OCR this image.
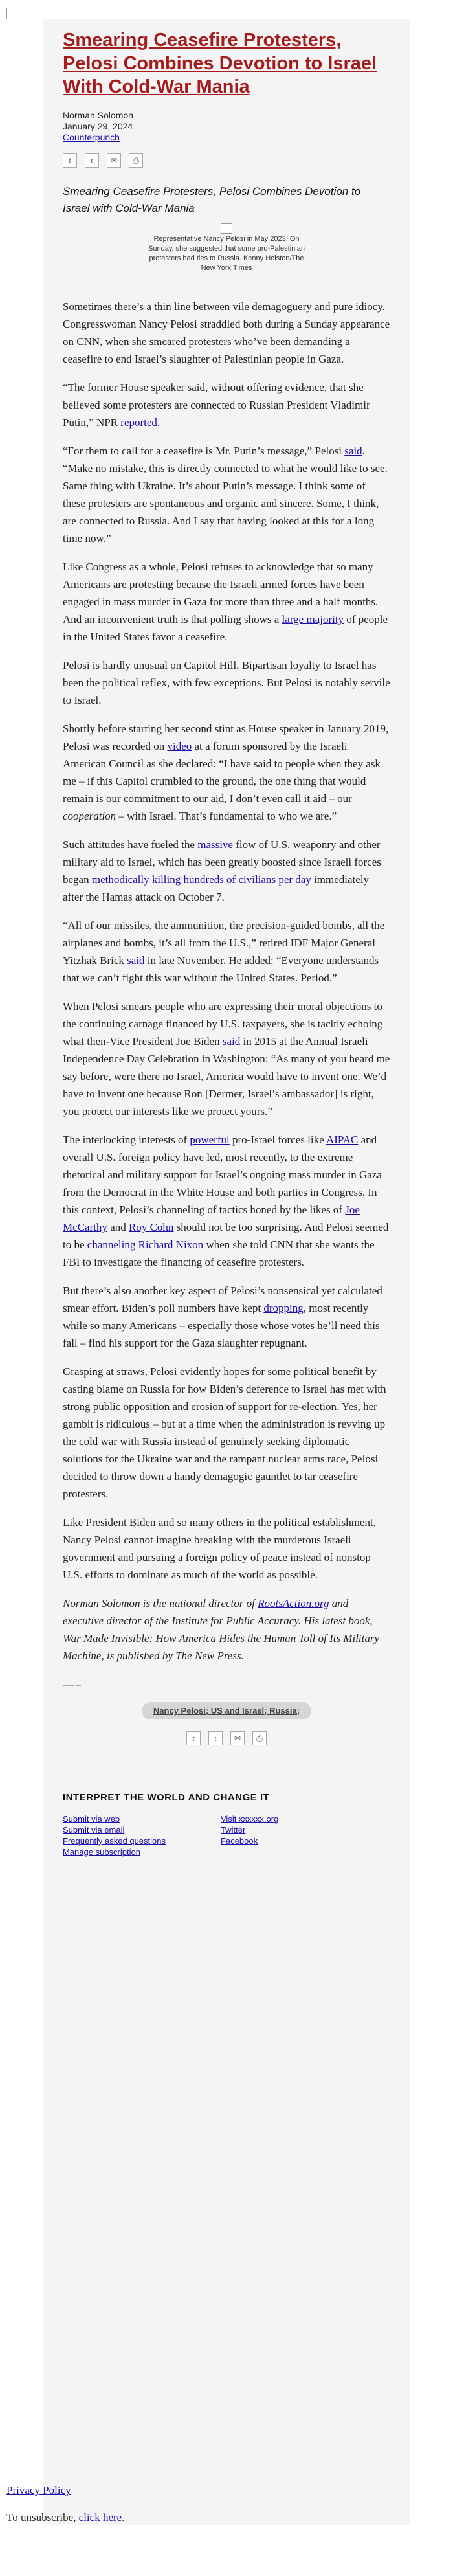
Smearing Ceasefire Protesters, Pelosi Combines Devotion to Israel With Cold-War Mania
Norman Solomon
January 29, 2024
Counterpunch
f	t	✉	⎙
Smearing Ceasefire Protesters, Pelosi Combines Devotion to Israel with Cold-War Mania
Representative Nancy Pelosi in May 2023. On Sunday, she suggested that some pro-Palestinian protesters had ties to Russia. Kenny Holston/The New York Times

Sometimes there’s a thin line between vile demagoguery and pure idiocy. Congresswoman Nancy Pelosi straddled both during a Sunday appearance on CNN, when she smeared protesters who’ve been demanding a ceasefire to end Israel’s slaughter of Palestinian people in Gaza.

“The former House speaker said, without offering evidence, that she believed some protesters are connected to Russian President Vladimir Putin,” NPR reported.

“For them to call for a ceasefire is Mr. Putin’s message,” Pelosi said. “Make no mistake, this is directly connected to what he would like to see. Same thing with Ukraine. It’s about Putin’s message. I think some of these protesters are spontaneous and organic and sincere. Some, I think, are connected to Russia. And I say that having looked at this for a long time now.”

Like Congress as a whole, Pelosi refuses to acknowledge that so many Americans are protesting because the Israeli armed forces have been engaged in mass murder in Gaza for more than three and a half months. And an inconvenient truth is that polling shows a large majority of people in the United States favor a ceasefire.

Pelosi is hardly unusual on Capitol Hill. Bipartisan loyalty to Israel has been the political reflex, with few exceptions. But Pelosi is notably servile to Israel.

Shortly before starting her second stint as House speaker in January 2019, Pelosi was recorded on video at a forum sponsored by the Israeli American Council as she declared: “I have said to people when they ask me – if this Capitol crumbled to the ground, the one thing that would remain is our commitment to our aid, I don’t even call it aid – our cooperation – with Israel. That’s fundamental to who we are.”

Such attitudes have fueled the massive flow of U.S. weaponry and other military aid to Israel, which has been greatly boosted since Israeli forces began methodically killing hundreds of civilians per day immediately after the Hamas attack on October 7.

“All of our missiles, the ammunition, the precision-guided bombs, all the airplanes and bombs, it’s all from the U.S.,” retired IDF Major General Yitzhak Brick said in late November. He added: “Everyone understands that we can’t fight this war without the United States. Period.”

When Pelosi smears people who are expressing their moral objections to the continuing carnage financed by U.S. taxpayers, she is tacitly echoing what then-Vice President Joe Biden said in 2015 at the Annual Israeli Independence Day Celebration in Washington: “As many of you heard me say before, were there no Israel, America would have to invent one. We’d have to invent one because Ron [Dermer, Israel’s ambassador] is right, you protect our interests like we protect yours.”

The interlocking interests of powerful pro-Israel forces like AIPAC and overall U.S. foreign policy have led, most recently, to the extreme rhetorical and military support for Israel’s ongoing mass murder in Gaza from the Democrat in the White House and both parties in Congress. In this context, Pelosi’s channeling of tactics honed by the likes of Joe McCarthy and Roy Cohn should not be too surprising. And Pelosi seemed to be channeling Richard Nixon when she told CNN that she wants the FBI to investigate the financing of ceasefire protesters.

But there’s also another key aspect of Pelosi’s nonsensical yet calculated smear effort. Biden’s poll numbers have kept dropping, most recently while so many Americans – especially those whose votes he’ll need this fall – find his support for the Gaza slaughter repugnant.

Grasping at straws, Pelosi evidently hopes for some political benefit by casting blame on Russia for how Biden’s deference to Israel has met with strong public opposition and erosion of support for re-election. Yes, her gambit is ridiculous – but at a time when the administration is revving up the cold war with Russia instead of genuinely seeking diplomatic solutions for the Ukraine war and the rampant nuclear arms race, Pelosi decided to throw down a handy demagogic gauntlet to tar ceasefire protesters.

Like President Biden and so many others in the political establishment, Nancy Pelosi cannot imagine breaking with the murderous Israeli government and pursuing a foreign policy of peace instead of nonstop U.S. efforts to dominate as much of the world as possible.

Norman Solomon is the national director of RootsAction.org and executive director of the Institute for Public Accuracy. His latest book, War Made Invisible: How America Hides the Human Toll of Its Military Machine, is published by The New Press.

===
Nancy Pelosi; US and Israel; Russia;
f	t	✉	⎙
INTERPRET THE WORLD AND CHANGE IT
Submit via web
Submit via email
Frequently asked questions
Manage subscription
Visit xxxxxx.org
Twitter
Facebook

Privacy Policy

To unsubscribe, click here.
